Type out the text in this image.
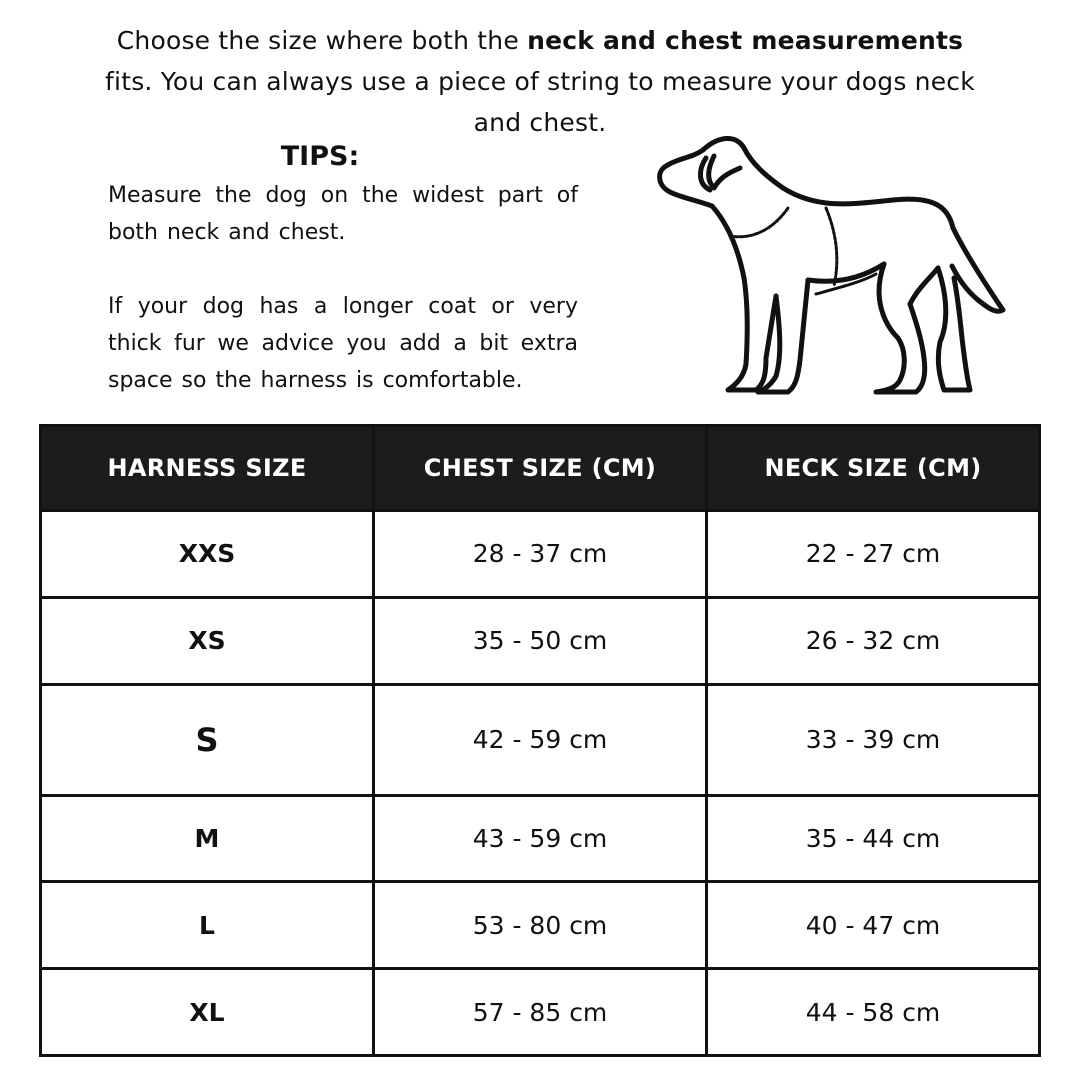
Choose the size where both the neck and chest measurements fits. You can always use a piece of string to measure your dogs neck and chest.
TIPS:
Measure the dog on the widest part of both neck and chest.
If your dog has a longer coat or very thick fur we advice you add a bit extra space so the harness is comfortable.
HARNESS SIZE	CHEST SIZE (CM)	NECK SIZE (CM)
XXS	28 - 37 cm	22 - 27 cm
XS	35 - 50 cm	26 - 32 cm
S	42 - 59 cm	33 - 39 cm
M	43 - 59 cm	35 - 44 cm
L	53 - 80 cm	40 - 47 cm
XL	57 - 85 cm	44 - 58 cm
